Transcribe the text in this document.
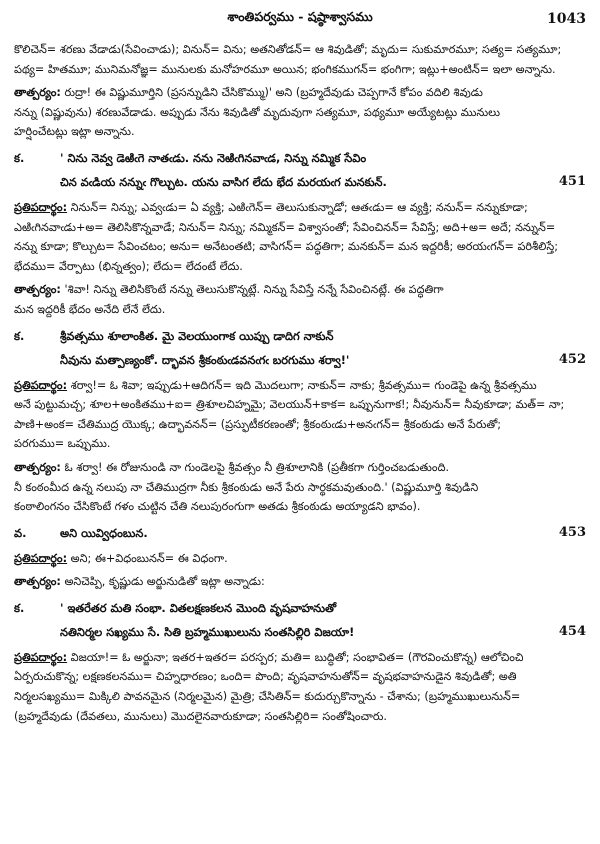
శాంతిపర్వము - షష్ఠాశ్వాసము	1043

కొలిచెన్= శరణు వేడాడు(సేవించాడు); వినున్= విను; అతనితోడన్= ఆ శివుడితో; మృదు= సుకుమారమూ; సత్య= సత్యమూ;
పథ్య= హితమూ; మునిమనోజ్ఞ= మునులకు మనోహరమూ అయిన; భంగికముగన్= భంగిగా; ఇట్లు+అంటిన్= ఇలా అన్నాను.

తాత్పర్యం: రుద్రా! ఈ విష్ణుమూర్తిని (ప్రసన్నుడిని చేసికొమ్ము)' అని (బ్రహ్మదేవుడు చెప్పగానే కోపం వదిలి శివుడు
నన్ను (విష్ణువును) శరణువేడాడు. అప్పుడు నేను శివుడితో మృదువుగా సత్యమూ, పథ్యమూ అయ్యేటట్లు మునులు
హర్షించేటట్లు ఇట్లా అన్నాను.

క.	' నిను నెవ్వ డెఱిఁగె నాతఁడు. నను నెఱిఁగినవాఁడ, నిన్ను నమ్మిక సేవిం
చిన వఁడియ నన్నుఁ గొల్చుట. యను వాసిగ లేదు భేద మరయఁగ మనకున్.	451

ప్రతిపదార్థం: నినున్= నిన్ను; ఎవ్వఁడు= ఏ వ్యక్తి; ఎఱిఁగెన్= తెలుసుకున్నాడో; ఆతఁడు= ఆ వ్యక్తి; ననున్= నన్నుకూడా;
ఎఱిఁగినవాఁడు+అ= తెలిసికొన్నవాడే; నినున్= నిన్ను; నమ్మికన్= విశ్వాసంతో; సేవించినన్= సేవిస్తే; అది+అ= అదే; నన్నున్=
నన్ను కూడా; కొల్చుట= సేవించటం; అను= అనేటంతటి; వాసిగన్= పద్ధతిగా; మనకున్= మన ఇద్దరికీ; అరయఁగన్= పరిశీలిస్తే;
భేదము= వేర్పాటు (భిన్నత్వం); లేదు= లేదంటే లేదు.

తాత్పర్యం: 'శివా! నిన్ను తెలిసికొంటే నన్ను తెలుసుకొన్నట్లే. నిన్ను సేవిస్తే నన్నే సేవించినట్లే. ఈ పద్ధతిగా
మన ఇద్దరికీ భేదం అనేది లేనే లేదు.

క.	శ్రీవత్సము శూలాంకిత. మై వెలయుంగాక యిప్పు డాదిగ నాకున్
నీవును మత్పాణ్యంకో. ద్భావన శ్రీకంఠుఁడవనఁగఁ బరగుము శర్వా!'	452

ప్రతిపదార్థం: శర్వా!= ఓ శివా; ఇప్పుడు+ఆదిగన్= ఇది మొదలుగా; నాకున్= నాకు; శ్రీవత్సము= గుండెపై ఉన్న శ్రీవత్సము
అనే పుట్టుమచ్చ; శూల+అంకితము+ఐ= త్రిశూలచిహ్నమై; వెలయున్+కాక= ఒప్పునుగాక!; నీవునున్= నీవుకూడా; మత్= నా;
పాణి+అంక= చేతిముద్ర యొక్క; ఉద్భావనన్= (ప్రస్ఫుటీకరణంతో; శ్రీకంఠుఁడు+అనఁగన్= శ్రీకంఠుడు అనే పేరుతో;
పరగుము= ఒప్పుము.

తాత్పర్యం: ఓ శర్వా! ఈ రోజునుండి నా గుండెలపై శ్రీవత్సం నీ త్రిశూలానికి (ప్రతీకగా గుర్తించబడుతుంది.
నీ కంఠంమీద ఉన్న నలుపు నా చేతిముద్రగా నీకు శ్రీకంఠుడు అనే పేరు సార్థకమవుతుంది.' (విష్ణుమూర్తి శివుడిని
కంఠాలింగనం చేసికొంటే గళం చుట్టిన చేతి నలుపురంగుగా అతడు శ్రీకంఠుడు అయ్యాడని భావం).

వ.	అని యివ్విధంబున.	453

ప్రతిపదార్థం: అని; ఈ+విధంబునన్= ఈ విధంగా.

తాత్పర్యం: అనిచెప్పి, కృష్ణుడు అర్జునుడితో ఇట్లా అన్నాడు:

క.	' ఇతరేతర మతి సంభా. వితలక్షణకలన మొంది వృషవాహనుతో
నతినిర్మల సఖ్యము సే. సితి బ్రహ్మముఖులును సంతసిల్లిరి విజయా!	454

ప్రతిపదార్థం: విజయా!= ఓ అర్జునా; ఇతర+ఇతర= పరస్పర; మతి= బుద్ధితో; సంభావిత= (గౌరవించుకొన్న) ఆలోచించి
ఏర్పరుచుకొన్న; లక్షణకలనము= చిహ్నధారణం; ఒంది= పొంది; వృషవాహనుతోన్= వృషభవాహనుడైన శివుడితో; అతి
నిర్మలసఖ్యము= మిక్కిలి పావనమైన (నిర్మలమైన) మైత్రి; చేసితిన్= కుదుర్చుకొన్నాను - చేశాను; (బ్రహ్మముఖులునున్=
(బ్రహ్మదేవుడు (దేవతలు, మునులు) మొదలైనవారుకూడా; సంతసిల్లిరి= సంతోషించారు.
